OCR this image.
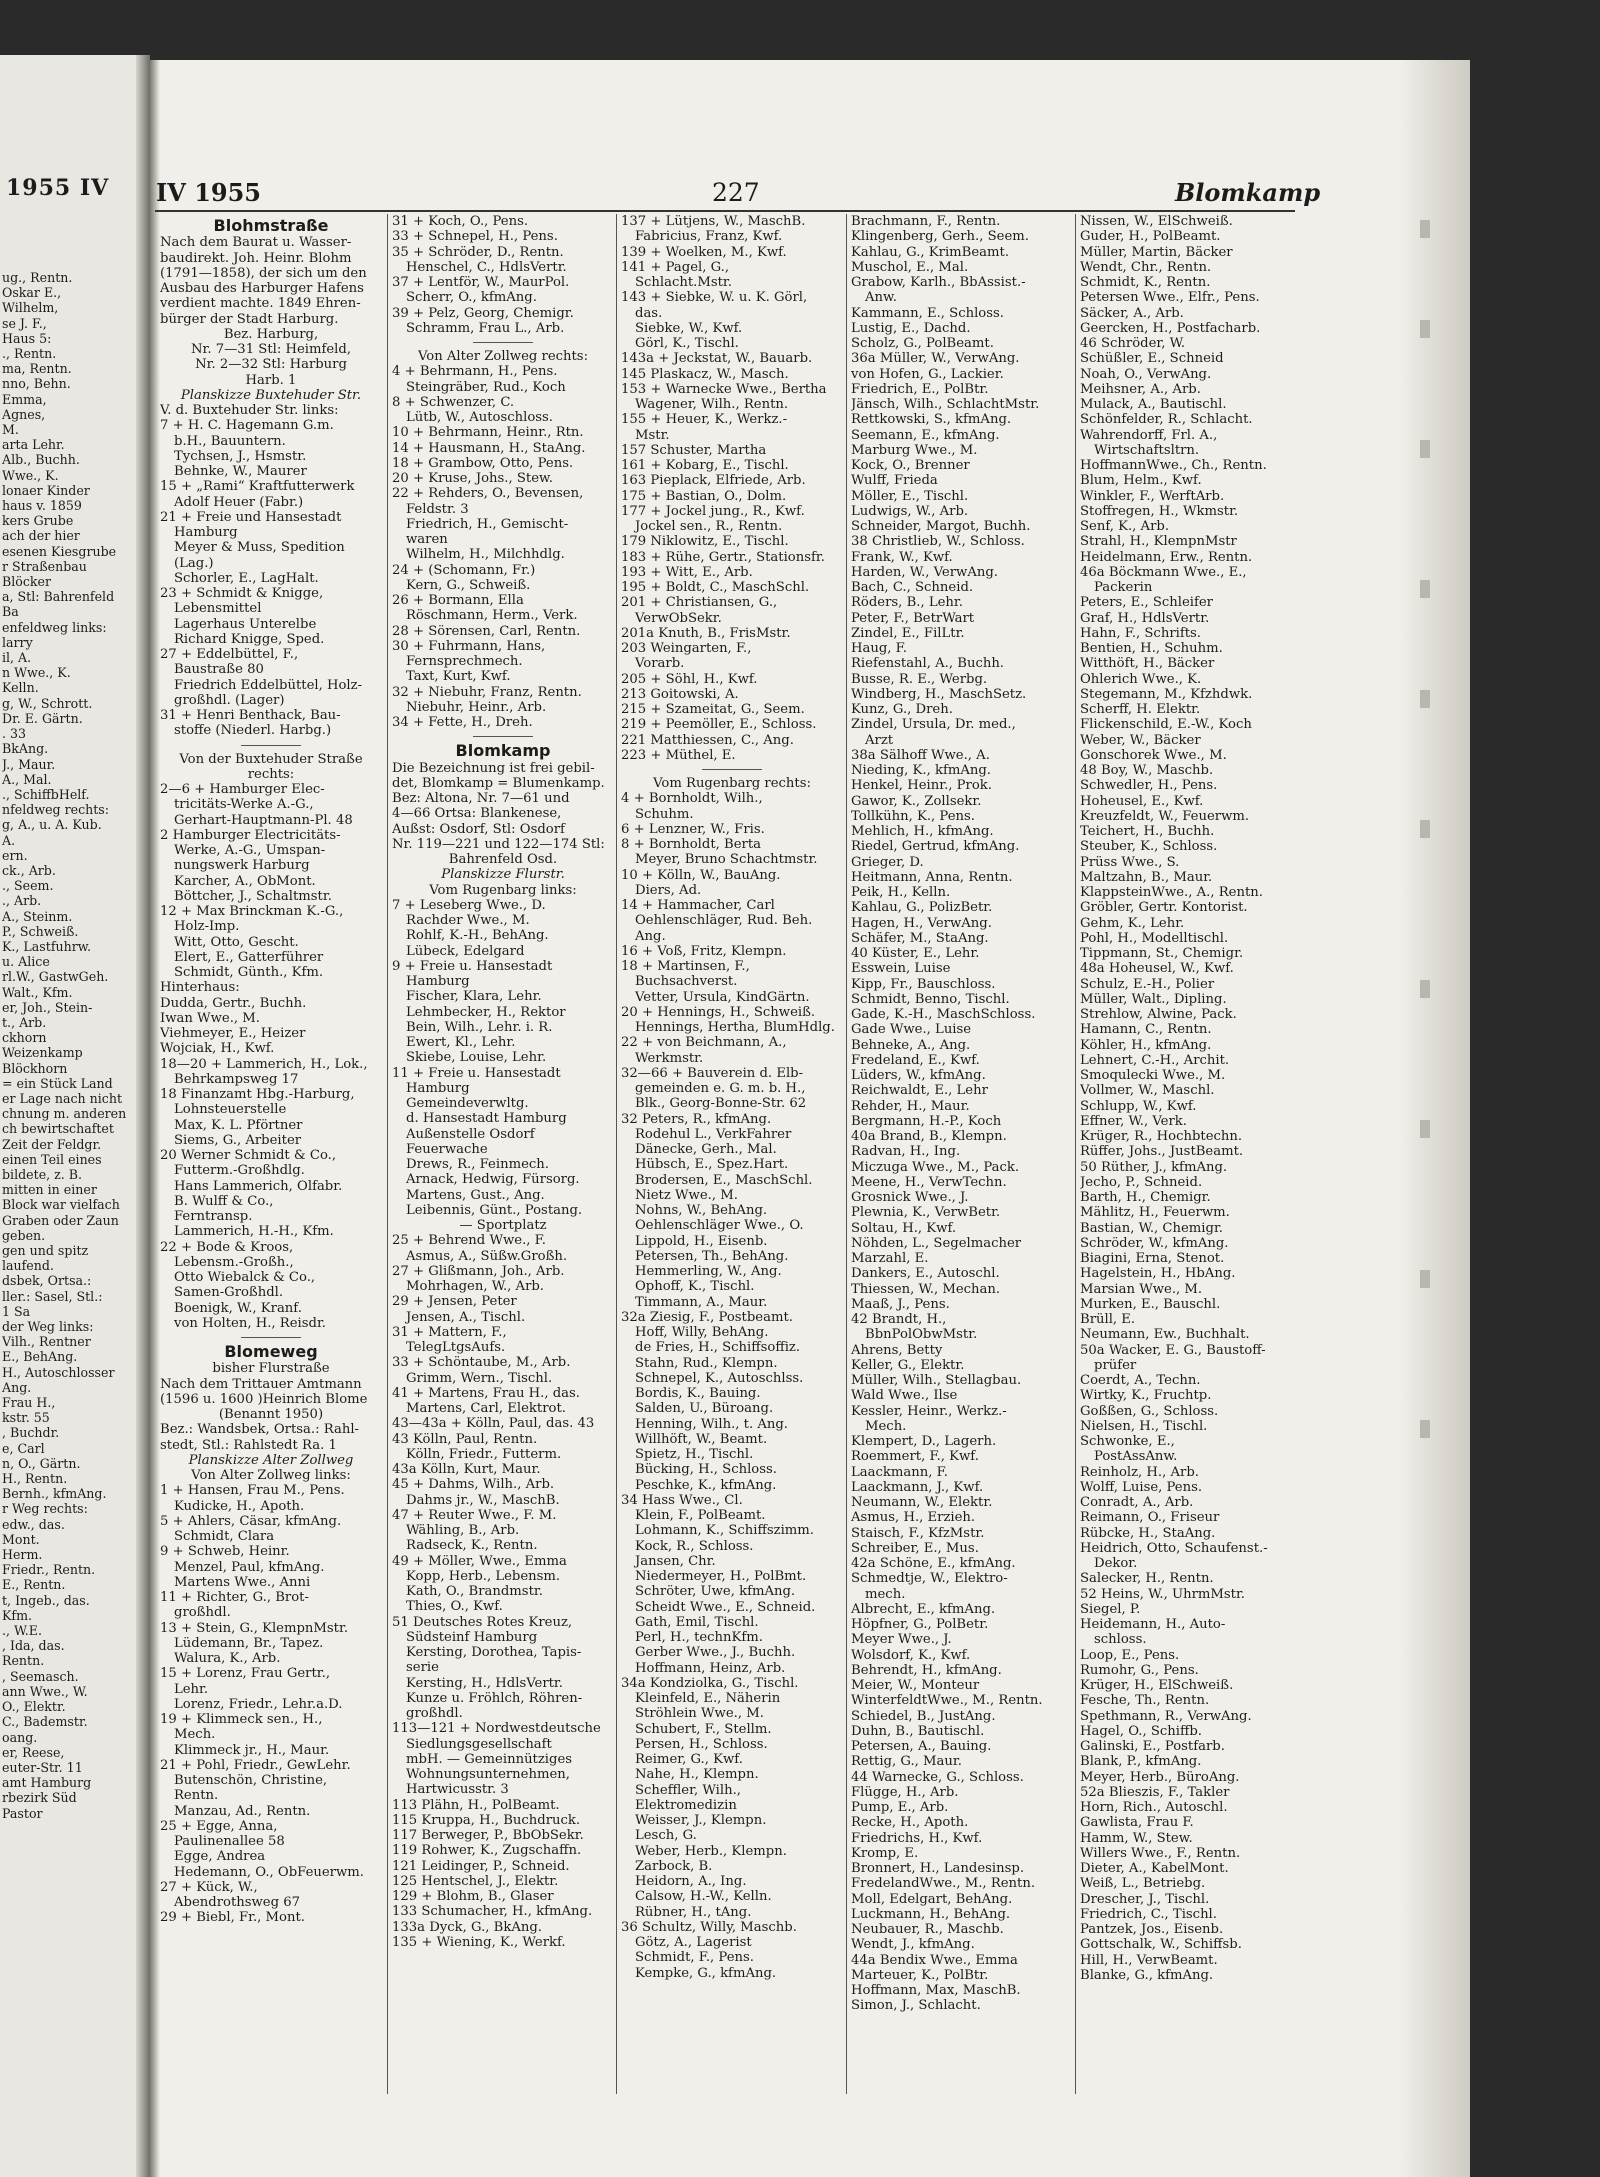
1955 IV
ug., Rentn.
Oskar E.,
Wilhelm,
se J. F.,
Haus 5:
., Rentn.
ma, Rentn.
nno, Behn.
Emma,
Agnes,
M.
arta Lehr.
Alb., Buchh.
Wwe., K.
lonaer Kinder
haus v. 1859
kers Grube
ach der hier
esenen Kiesgrube
r Straßenbau
Blöcker
a, Stl: Bahrenfeld
Ba
enfeldweg links:
larry
il, A.
n Wwe., K.
Kelln.
g, W., Schrott.
Dr. E. Gärtn.
. 33
BkAng.
J., Maur.
A., Mal.
., SchiffbHelf.
nfeldweg rechts:
g, A., u. A. Kub.
A.
ern.
ck., Arb.
., Seem.
., Arb.
A., Steinm.
P., Schweiß.
K., Lastfuhrw.
u. Alice
rl.W., GastwGeh.
Walt., Kfm.
er, Joh., Stein-
t., Arb.
ckhorn
Weizenkamp
Blöckhorn
= ein Stück Land
er Lage nach nicht
chnung m. anderen
ch bewirtschaftet
Zeit der Feldgr.
einen Teil eines
bildete, z. B.
mitten in einer
Block war vielfach
Graben oder Zaun
geben.
gen und spitz
laufend.
dsbek, Ortsa.:
ller.: Sasel, Stl.:
1 Sa
der Weg links:
Vilh., Rentner
E., BehAng.
H., Autoschlosser
Ang.
Frau H.,
kstr. 55
, Buchdr.
e, Carl
n, O., Gärtn.
H., Rentn.
Bernh., kfmAng.
r Weg rechts:
edw., das.
Mont.
Herm.
Friedr., Rentn.
E., Rentn.
t, Ingeb., das.
Kfm.
., W.E.
, Ida, das.
Rentn.
, Seemasch.
ann Wwe., W.
O., Elektr.
C., Bademstr.
oang.
er, Reese,
euter-Str. 11
amt Hamburg
rbezirk Süd
Pastor
IV 1955	227	Blomkamp
Blohmstraße
Nach dem Baurat u. Wasser-
baudirekt. Joh. Heinr. Blohm
(1791—1858), der sich um den
Ausbau des Harburger Hafens
verdient machte. 1849 Ehren-
bürger der Stadt Harburg.
Bez. Harburg,
Nr. 7—31 Stl: Heimfeld,
Nr. 2—32 Stl: Harburg
Harb. 1
Planskizze Buxtehuder Str.
V. d. Buxtehuder Str. links:
7 + H. C. Hagemann G.m.
b.H., Bauuntern.
Tychsen, J., Hsmstr.
Behnke, W., Maurer
15 + „Rami“ Kraftfutterwerk
Adolf Heuer (Fabr.)
21 + Freie und Hansestadt
Hamburg
Meyer & Muss, Spedition
(Lag.)
Schorler, E., LagHalt.
23 + Schmidt & Knigge,
Lebensmittel
Lagerhaus Unterelbe
Richard Knigge, Sped.
27 + Eddelbüttel, F.,
Baustraße 80
Friedrich Eddelbüttel, Holz-
großhdl. (Lager)
31 + Henri Benthack, Bau-
stoffe (Niederl. Harbg.)
Von der Buxtehuder Straße
rechts:
2—6 + Hamburger Elec-
tricitäts-Werke A.-G.,
Gerhart-Hauptmann-Pl. 48
2 Hamburger Electricitäts-
Werke, A.-G., Umspan-
nungswerk Harburg
Karcher, A., ObMont.
Böttcher, J., Schaltmstr.
12 + Max Brinckman K.-G.,
Holz-Imp.
Witt, Otto, Gescht.
Elert, E., Gatterführer
Schmidt, Günth., Kfm.
Hinterhaus:
Dudda, Gertr., Buchh.
Iwan Wwe., M.
Viehmeyer, E., Heizer
Wojciak, H., Kwf.
18—20 + Lammerich, H., Lok.,
Behrkampsweg 17
18 Finanzamt Hbg.-Harburg,
Lohnsteuerstelle
Max, K. L. Pförtner
Siems, G., Arbeiter
20 Werner Schmidt & Co.,
Futterm.-Großhdlg.
Hans Lammerich, Olfabr.
B. Wulff & Co.,
Ferntransp.
Lammerich, H.-H., Kfm.
22 + Bode & Kroos,
Lebensm.-Großh.,
Otto Wiebalck & Co.,
Samen-Großhdl.
Boenigk, W., Kranf.
von Holten, H., Reisdr.
Blomeweg
bisher Flurstraße
Nach dem Trittauer Amtmann
(1596 u. 1600 )Heinrich Blome
(Benannt 1950)
Bez.: Wandsbek, Ortsa.: Rahl-
stedt, Stl.: Rahlstedt Ra. 1
Planskizze Alter Zollweg
Von Alter Zollweg links:
1 + Hansen, Frau M., Pens.
Kudicke, H., Apoth.
5 + Ahlers, Cäsar, kfmAng.
Schmidt, Clara
9 + Schweb, Heinr.
Menzel, Paul, kfmAng.
Martens Wwe., Anni
11 + Richter, G., Brot-
großhdl.
13 + Stein, G., KlempnMstr.
Lüdemann, Br., Tapez.
Walura, K., Arb.
15 + Lorenz, Frau Gertr.,
Lehr.
Lorenz, Friedr., Lehr.a.D.
19 + Klimmeck sen., H.,
Mech.
Klimmeck jr., H., Maur.
21 + Pohl, Friedr., GewLehr.
Butenschön, Christine,
Rentn.
Manzau, Ad., Rentn.
25 + Egge, Anna,
Paulinenallee 58
Egge, Andrea
Hedemann, O., ObFeuerwm.
27 + Kück, W.,
Abendrothsweg 67
29 + Biebl, Fr., Mont.
31 + Koch, O., Pens.
33 + Schnepel, H., Pens.
35 + Schröder, D., Rentn.
Henschel, C., HdlsVertr.
37 + Lentför, W., MaurPol.
Scherr, O., kfmAng.
39 + Pelz, Georg, Chemigr.
Schramm, Frau L., Arb.
Von Alter Zollweg rechts:
4 + Behrmann, H., Pens.
Steingräber, Rud., Koch
8 + Schwenzer, C.
Lütb, W., Autoschloss.
10 + Behrmann, Heinr., Rtn.
14 + Hausmann, H., StaAng.
18 + Grambow, Otto, Pens.
20 + Kruse, Johs., Stew.
22 + Rehders, O., Bevensen,
Feldstr. 3
Friedrich, H., Gemischt-
waren
Wilhelm, H., Milchhdlg.
24 + (Schomann, Fr.)
Kern, G., Schweiß.
26 + Bormann, Ella
Röschmann, Herm., Verk.
28 + Sörensen, Carl, Rentn.
30 + Fuhrmann, Hans,
Fernsprechmech.
Taxt, Kurt, Kwf.
32 + Niebuhr, Franz, Rentn.
Niebuhr, Heinr., Arb.
34 + Fette, H., Dreh.
Blomkamp
Die Bezeichnung ist frei gebil-
det, Blomkamp = Blumenkamp.
Bez: Altona, Nr. 7—61 und
4—66 Ortsa: Blankenese,
Außst: Osdorf, Stl: Osdorf
Nr. 119—221 und 122—174 Stl:
Bahrenfeld Osd.
Planskizze Flurstr.
Vom Rugenbarg links:
7 + Leseberg Wwe., D.
Rachder Wwe., M.
Rohlf, K.-H., BehAng.
Lübeck, Edelgard
9 + Freie u. Hansestadt
Hamburg
Fischer, Klara, Lehr.
Lehmbecker, H., Rektor
Bein, Wilh., Lehr. i. R.
Ewert, Kl., Lehr.
Skiebe, Louise, Lehr.
11 + Freie u. Hansestadt
Hamburg
Gemeindeverwltg.
d. Hansestadt Hamburg
Außenstelle Osdorf
Feuerwache
Drews, R., Feinmech.
Arnack, Hedwig, Fürsorg.
Martens, Gust., Ang.
Leibennis, Günt., Postang.
— Sportplatz
25 + Behrend Wwe., F.
Asmus, A., Süßw.Großh.
27 + Glißmann, Joh., Arb.
Mohrhagen, W., Arb.
29 + Jensen, Peter
Jensen, A., Tischl.
31 + Mattern, F.,
TelegLtgsAufs.
33 + Schöntaube, M., Arb.
Grimm, Wern., Tischl.
41 + Martens, Frau H., das.
Martens, Carl, Elektrot.
43—43a + Kölln, Paul, das. 43
43 Kölln, Paul, Rentn.
Kölln, Friedr., Futterm.
43a Kölln, Kurt, Maur.
45 + Dahms, Wilh., Arb.
Dahms jr., W., MaschB.
47 + Reuter Wwe., F. M.
Wähling, B., Arb.
Radseck, K., Rentn.
49 + Möller, Wwe., Emma
Kopp, Herb., Lebensm.
Kath, O., Brandmstr.
Thies, O., Kwf.
51 Deutsches Rotes Kreuz,
Südsteinf Hamburg
Kersting, Dorothea, Tapis-
serie
Kersting, H., HdlsVertr.
Kunze u. Fröhlch, Röhren-
großhdl.
113—121 + Nordwestdeutsche
Siedlungsgesellschaft
mbH. — Gemeinnütziges
Wohnungsunternehmen,
Hartwicusstr. 3
113 Plähn, H., PolBeamt.
115 Kruppa, H., Buchdruck.
117 Berweger, P., BbObSekr.
119 Rohwer, K., Zugschaffn.
121 Leidinger, P., Schneid.
125 Hentschel, J., Elektr.
129 + Blohm, B., Glaser
133 Schumacher, H., kfmAng.
133a Dyck, G., BkAng.
135 + Wiening, K., Werkf.
137 + Lütjens, W., MaschB.
Fabricius, Franz, Kwf.
139 + Woelken, M., Kwf.
141 + Pagel, G.,
Schlacht.Mstr.
143 + Siebke, W. u. K. Görl,
das.
Siebke, W., Kwf.
Görl, K., Tischl.
143a + Jeckstat, W., Bauarb.
145 Plaskacz, W., Masch.
153 + Warnecke Wwe., Bertha
Wagener, Wilh., Rentn.
155 + Heuer, K., Werkz.-
Mstr.
157 Schuster, Martha
161 + Kobarg, E., Tischl.
163 Pieplack, Elfriede, Arb.
175 + Bastian, O., Dolm.
177 + Jockel jung., R., Kwf.
Jockel sen., R., Rentn.
179 Niklowitz, E., Tischl.
183 + Rühe, Gertr., Stationsfr.
193 + Witt, E., Arb.
195 + Boldt, C., MaschSchl.
201 + Christiansen, G.,
VerwObSekr.
201a Knuth, B., FrisMstr.
203 Weingarten, F.,
Vorarb.
205 + Söhl, H., Kwf.
213 Goitowski, A.
215 + Szameitat, G., Seem.
219 + Peemöller, E., Schloss.
221 Matthiessen, C., Ang.
223 + Müthel, E.
Vom Rugenbarg rechts:
4 + Bornholdt, Wilh.,
Schuhm.
6 + Lenzner, W., Fris.
8 + Bornholdt, Berta
Meyer, Bruno Schachtmstr.
10 + Kölln, W., BauAng.
Diers, Ad.
14 + Hammacher, Carl
Oehlenschläger, Rud. Beh.
Ang.
16 + Voß, Fritz, Klempn.
18 + Martinsen, F.,
Buchsachverst.
Vetter, Ursula, KindGärtn.
20 + Hennings, H., Schweiß.
Hennings, Hertha, BlumHdlg.
22 + von Beichmann, A.,
Werkmstr.
32—66 + Bauverein d. Elb-
gemeinden e. G. m. b. H.,
Blk., Georg-Bonne-Str. 62
32 Peters, R., kfmAng.
Rodehul L., VerkFahrer
Dänecke, Gerh., Mal.
Hübsch, E., Spez.Hart.
Brodersen, E., MaschSchl.
Nietz Wwe., M.
Nohns, W., BehAng.
Oehlenschläger Wwe., O.
Lippold, H., Eisenb.
Petersen, Th., BehAng.
Hemmerling, W., Ang.
Ophoff, K., Tischl.
Timmann, A., Maur.
32a Ziesig, F., Postbeamt.
Hoff, Willy, BehAng.
de Fries, H., Schiffsoffiz.
Stahn, Rud., Klempn.
Schnepel, K., Autoschlss.
Bordis, K., Bauing.
Salden, U., Büroang.
Henning, Wilh., t. Ang.
Willhöft, W., Beamt.
Spietz, H., Tischl.
Bücking, H., Schloss.
Peschke, K., kfmAng.
34 Hass Wwe., Cl.
Klein, F., PolBeamt.
Lohmann, K., Schiffszimm.
Kock, R., Schloss.
Jansen, Chr.
Niedermeyer, H., PolBmt.
Schröter, Uwe, kfmAng.
Scheidt Wwe., E., Schneid.
Gath, Emil, Tischl.
Perl, H., technKfm.
Gerber Wwe., J., Buchh.
Hoffmann, Heinz, Arb.
34a Kondziolka, G., Tischl.
Kleinfeld, E., Näherin
Ströhlein Wwe., M.
Schubert, F., Stellm.
Persen, H., Schloss.
Reimer, G., Kwf.
Nahe, H., Klempn.
Scheffler, Wilh.,
Elektromedizin
Weisser, J., Klempn.
Lesch, G.
Weber, Herb., Klempn.
Zarbock, B.
Heidorn, A., Ing.
Calsow, H.-W., Kelln.
Rübner, H., tAng.
36 Schultz, Willy, Maschb.
Götz, A., Lagerist
Schmidt, F., Pens.
Kempke, G., kfmAng.
Brachmann, F., Rentn.
Klingenberg, Gerh., Seem.
Kahlau, G., KrimBeamt.
Muschol, E., Mal.
Grabow, Karlh., BbAssist.-
Anw.
Kammann, E., Schloss.
Lustig, E., Dachd.
Scholz, G., PolBeamt.
36a Müller, W., VerwAng.
von Hofen, G., Lackier.
Friedrich, E., PolBtr.
Jänsch, Wilh., SchlachtMstr.
Rettkowski, S., kfmAng.
Seemann, E., kfmAng.
Marburg Wwe., M.
Kock, O., Brenner
Wulff, Frieda
Möller, E., Tischl.
Ludwigs, W., Arb.
Schneider, Margot, Buchh.
38 Christlieb, W., Schloss.
Frank, W., Kwf.
Harden, W., VerwAng.
Bach, C., Schneid.
Röders, B., Lehr.
Peter, F., BetrWart
Zindel, E., FilLtr.
Haug, F.
Riefenstahl, A., Buchh.
Busse, R. E., Werbg.
Windberg, H., MaschSetz.
Kunz, G., Dreh.
Zindel, Ursula, Dr. med.,
Arzt
38a Sälhoff Wwe., A.
Nieding, K., kfmAng.
Henkel, Heinr., Prok.
Gawor, K., Zollsekr.
Tollkühn, K., Pens.
Mehlich, H., kfmAng.
Riedel, Gertrud, kfmAng.
Grieger, D.
Heitmann, Anna, Rentn.
Peik, H., Kelln.
Kahlau, G., PolizBetr.
Hagen, H., VerwAng.
Schäfer, M., StaAng.
40 Küster, E., Lehr.
Esswein, Luise
Kipp, Fr., Bauschloss.
Schmidt, Benno, Tischl.
Gade, K.-H., MaschSchloss.
Gade Wwe., Luise
Behneke, A., Ang.
Fredeland, E., Kwf.
Lüders, W., kfmAng.
Reichwaldt, E., Lehr
Rehder, H., Maur.
Bergmann, H.-P., Koch
40a Brand, B., Klempn.
Radvan, H., Ing.
Miczuga Wwe., M., Pack.
Meene, H., VerwTechn.
Grosnick Wwe., J.
Plewnia, K., VerwBetr.
Soltau, H., Kwf.
Nöhden, L., Segelmacher
Marzahl, E.
Dankers, E., Autoschl.
Thiessen, W., Mechan.
Maaß, J., Pens.
42 Brandt, H.,
BbnPolObwMstr.
Ahrens, Betty
Keller, G., Elektr.
Müller, Wilh., Stellagbau.
Wald Wwe., Ilse
Kessler, Heinr., Werkz.-
Mech.
Klempert, D., Lagerh.
Roemmert, F., Kwf.
Laackmann, F.
Laackmann, J., Kwf.
Neumann, W., Elektr.
Asmus, H., Erzieh.
Staisch, F., KfzMstr.
Schreiber, E., Mus.
42a Schöne, E., kfmAng.
Schmedtje, W., Elektro-
mech.
Albrecht, E., kfmAng.
Höpfner, G., PolBetr.
Meyer Wwe., J.
Wolsdorf, K., Kwf.
Behrendt, H., kfmAng.
Meier, W., Monteur
WinterfeldtWwe., M., Rentn.
Schiedel, B., JustAng.
Duhn, B., Bautischl.
Petersen, A., Bauing.
Rettig, G., Maur.
44 Warnecke, G., Schloss.
Flügge, H., Arb.
Pump, E., Arb.
Recke, H., Apoth.
Friedrichs, H., Kwf.
Kromp, E.
Bronnert, H., Landesinsp.
FredelandWwe., M., Rentn.
Moll, Edelgart, BehAng.
Luckmann, H., BehAng.
Neubauer, R., Maschb.
Wendt, J., kfmAng.
44a Bendix Wwe., Emma
Marteuer, K., PolBtr.
Hoffmann, Max, MaschB.
Simon, J., Schlacht.
Nissen, W., ElSchweiß.
Guder, H., PolBeamt.
Müller, Martin, Bäcker
Wendt, Chr., Rentn.
Schmidt, K., Rentn.
Petersen Wwe., Elfr., Pens.
Säcker, A., Arb.
Geercken, H., Postfacharb.
46 Schröder, W.
Schüßler, E., Schneid
Noah, O., VerwAng.
Meihsner, A., Arb.
Mulack, A., Bautischl.
Schönfelder, R., Schlacht.
Wahrendorff, Frl. A.,
Wirtschaftsltrn.
HoffmannWwe., Ch., Rentn.
Blum, Helm., Kwf.
Winkler, F., WerftArb.
Stoffregen, H., Wkmstr.
Senf, K., Arb.
Strahl, H., KlempnMstr
Heidelmann, Erw., Rentn.
46a Böckmann Wwe., E.,
Packerin
Peters, E., Schleifer
Graf, H., HdlsVertr.
Hahn, F., Schrifts.
Bentien, H., Schuhm.
Witthöft, H., Bäcker
Ohlerich Wwe., K.
Stegemann, M., Kfzhdwk.
Scherff, H. Elektr.
Flickenschild, E.-W., Koch
Weber, W., Bäcker
Gonschorek Wwe., M.
48 Boy, W., Maschb.
Schwedler, H., Pens.
Hoheusel, E., Kwf.
Kreuzfeldt, W., Feuerwm.
Teichert, H., Buchh.
Steuber, K., Schloss.
Prüss Wwe., S.
Maltzahn, B., Maur.
KlappsteinWwe., A., Rentn.
Gröbler, Gertr. Kontorist.
Gehm, K., Lehr.
Pohl, H., Modelltischl.
Tippmann, St., Chemigr.
48a Hoheusel, W., Kwf.
Schulz, E.-H., Polier
Müller, Walt., Dipling.
Strehlow, Alwine, Pack.
Hamann, C., Rentn.
Köhler, H., kfmAng.
Lehnert, C.-H., Archit.
Smoqulecki Wwe., M.
Vollmer, W., Maschl.
Schlupp, W., Kwf.
Effner, W., Verk.
Krüger, R., Hochbtechn.
Rüffer, Johs., JustBeamt.
50 Rüther, J., kfmAng.
Jecho, P., Schneid.
Barth, H., Chemigr.
Mählitz, H., Feuerwm.
Bastian, W., Chemigr.
Schröder, W., kfmAng.
Biagini, Erna, Stenot.
Hagelstein, H., HbAng.
Marsian Wwe., M.
Murken, E., Bauschl.
Brüll, E.
Neumann, Ew., Buchhalt.
50a Wacker, E. G., Baustoff-
prüfer
Coerdt, A., Techn.
Wirtky, K., Fruchtp.
Goßßen, G., Schloss.
Nielsen, H., Tischl.
Schwonke, E.,
PostAssAnw.
Reinholz, H., Arb.
Wolff, Luise, Pens.
Conradt, A., Arb.
Reimann, O., Friseur
Rübcke, H., StaAng.
Heidrich, Otto, Schaufenst.-
Dekor.
Salecker, H., Rentn.
52 Heins, W., UhrmMstr.
Siegel, P.
Heidemann, H., Auto-
schloss.
Loop, E., Pens.
Rumohr, G., Pens.
Krüger, H., ElSchweiß.
Fesche, Th., Rentn.
Spethmann, R., VerwAng.
Hagel, O., Schiffb.
Galinski, E., Postfarb.
Blank, P., kfmAng.
Meyer, Herb., BüroAng.
52a Blieszis, F., Takler
Horn, Rich., Autoschl.
Gawlista, Frau F.
Hamm, W., Stew.
Willers Wwe., F., Rentn.
Dieter, A., KabelMont.
Weiß, L., Betriebg.
Drescher, J., Tischl.
Friedrich, C., Tischl.
Pantzek, Jos., Eisenb.
Gottschalk, W., Schiffsb.
Hill, H., VerwBeamt.
Blanke, G., kfmAng.
